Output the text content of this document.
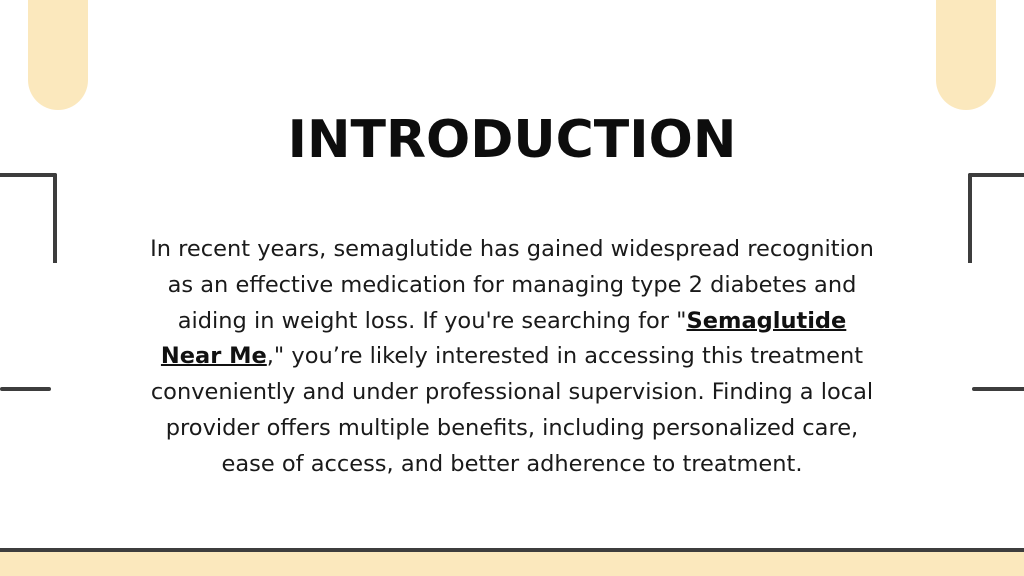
INTRODUCTION

In recent years, semaglutide has gained widespread recognition as an effective medication for managing type 2 diabetes and aiding in weight loss. If you're searching for "Semaglutide Near Me," you’re likely interested in accessing this treatment conveniently and under professional supervision. Finding a local provider offers multiple benefits, including personalized care, ease of access, and better adherence to treatment.
